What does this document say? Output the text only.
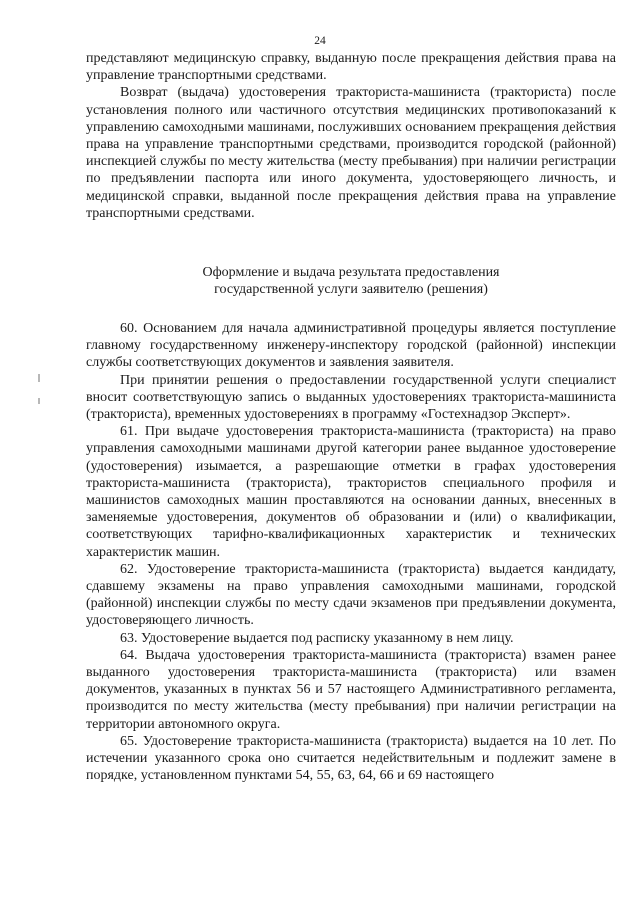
24

представляют медицинскую справку, выданную после прекращения действия права на управление транспортными средствами.

Возврат (выдача) удостоверения тракториста-машиниста (тракториста) после установления полного или частичного отсутствия медицинских противопоказаний к управлению самоходными машинами, послуживших основанием прекращения действия права на управление транспортными средствами, производится городской (районной) инспекцией службы по месту жительства (месту пребывания) при наличии регистрации по предъявлении паспорта или иного документа, удостоверяющего личность, и медицинской справки, выданной после прекращения действия права на управление транспортными средствами.

Оформление и выдача результата предоставления
государственной услуги заявителю (решения)

60. Основанием для начала административной процедуры является поступление главному государственному инженеру-инспектору городской (районной) инспекции службы соответствующих документов и заявления заявителя.

При принятии решения о предоставлении государственной услуги специалист вносит соответствующую запись о выданных удостоверениях тракториста-машиниста (тракториста), временных удостоверениях в программу «Гостехнадзор Эксперт».

61. При выдаче удостоверения тракториста-машиниста (тракториста) на право управления самоходными машинами другой категории ранее выданное удостоверение (удостоверения) изымается, а разрешающие отметки в графах удостоверения тракториста-машиниста (тракториста), трактористов специального профиля и машинистов самоходных машин проставляются на основании данных, внесенных в заменяемые удостоверения, документов об образовании и (или) о квалификации, соответствующих тарифно-квалификационных характеристик и технических характеристик машин.

62. Удостоверение тракториста-машиниста (тракториста) выдается кандидату, сдавшему экзамены на право управления самоходными машинами, городской (районной) инспекции службы по месту сдачи экзаменов при предъявлении документа, удостоверяющего личность.

63. Удостоверение выдается под расписку указанному в нем лицу.

64. Выдача удостоверения тракториста-машиниста (тракториста) взамен ранее выданного удостоверения тракториста-машиниста (тракториста) или взамен документов, указанных в пунктах 56 и 57 настоящего Административного регламента, производится по месту жительства (месту пребывания) при наличии регистрации на территории автономного округа.

65. Удостоверение тракториста-машиниста (тракториста) выдается на 10 лет. По истечении указанного срока оно считается недействительным и подлежит замене в порядке, установленном пунктами 54, 55, 63, 64, 66 и 69 настоящего
